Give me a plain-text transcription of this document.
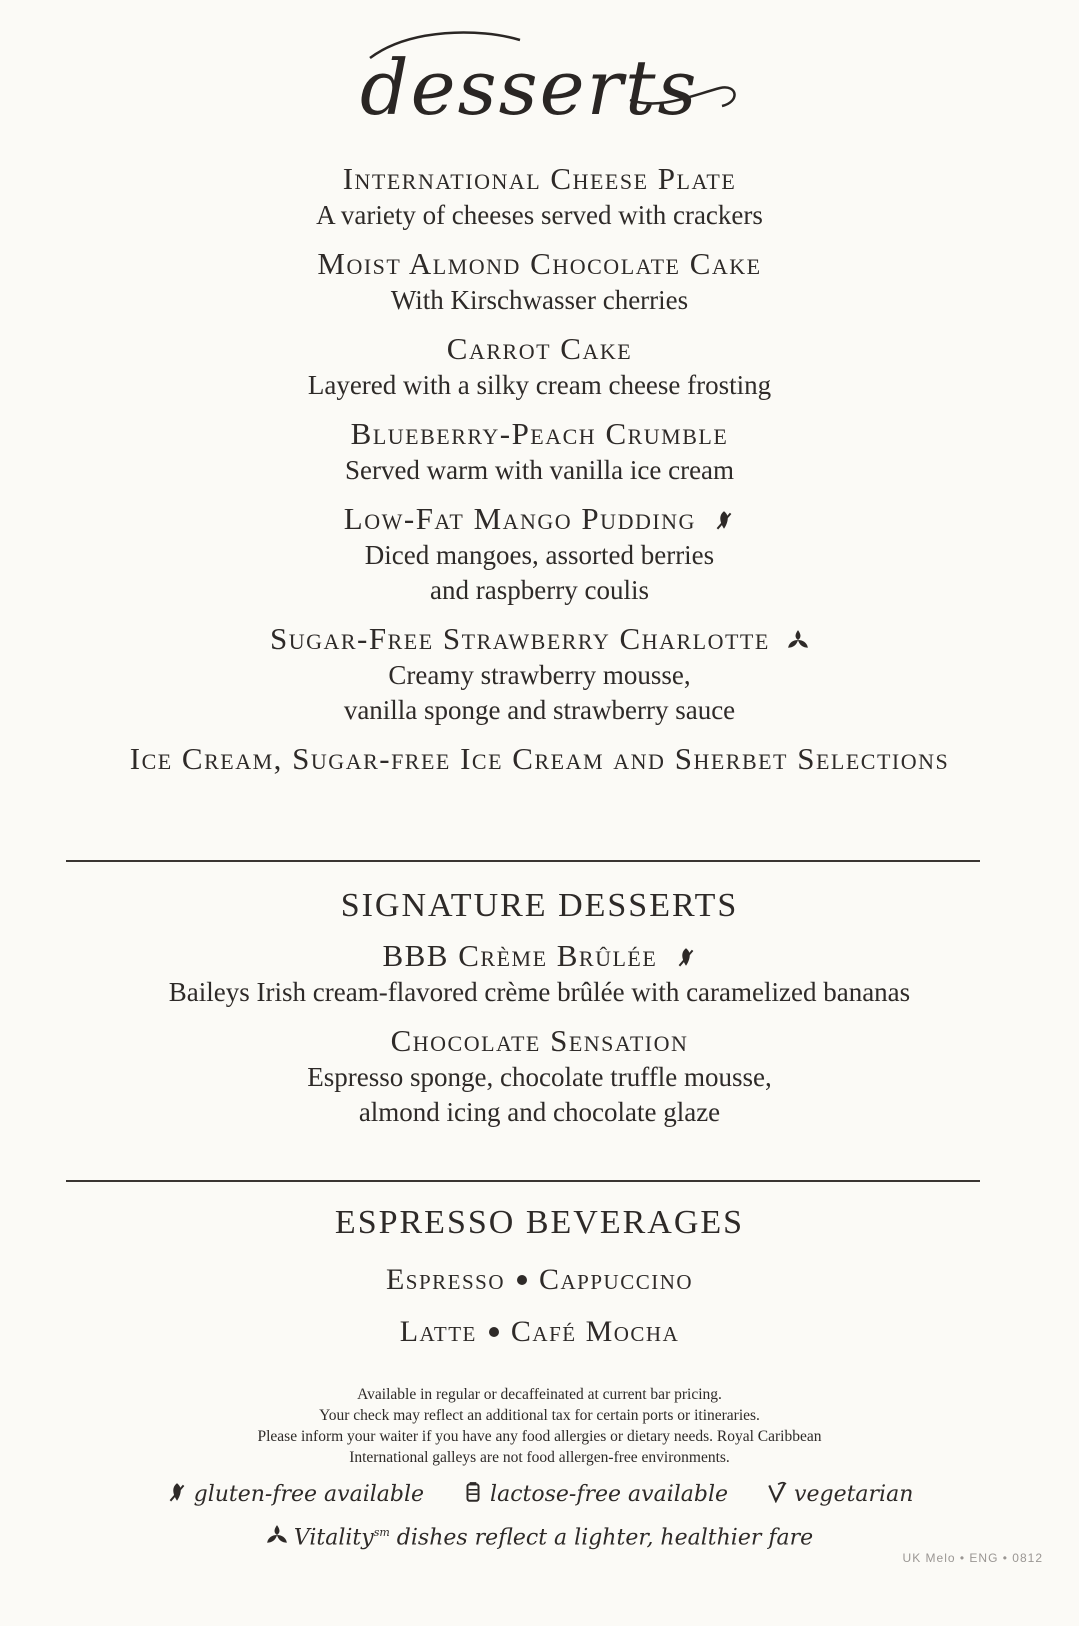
desserts
International Cheese Plate
A variety of cheeses served with crackers
Moist Almond Chocolate Cake
With Kirschwasser cherries
Carrot Cake
Layered with a silky cream cheese frosting
Blueberry-Peach Crumble
Served warm with vanilla ice cream
Low-Fat Mango Pudding
Diced mangoes, assorted berries
and raspberry coulis
Sugar-Free Strawberry Charlotte
Creamy strawberry mousse,
vanilla sponge and strawberry sauce
Ice Cream, Sugar-free Ice Cream and Sherbet Selections
SIGNATURE DESSERTS
BBB Crème Brûlée
Baileys Irish cream-flavored crème brûlée with caramelized bananas
Chocolate Sensation
Espresso sponge, chocolate truffle mousse,
almond icing and chocolate glaze
ESPRESSO BEVERAGES
Espresso Cappuccino
Latte Café Mocha
Available in regular or decaffeinated at current bar pricing.
Your check may reflect an additional tax for certain ports or itineraries.
Please inform your waiter if you have any food allergies or dietary needs. Royal Caribbean
International galleys are not food allergen-free environments.
gluten-free available	lactose-free available	vegetarian
Vitality$^{sm}$ dishes reflect a lighter, healthier fare
UK Melo • ENG • 0812
